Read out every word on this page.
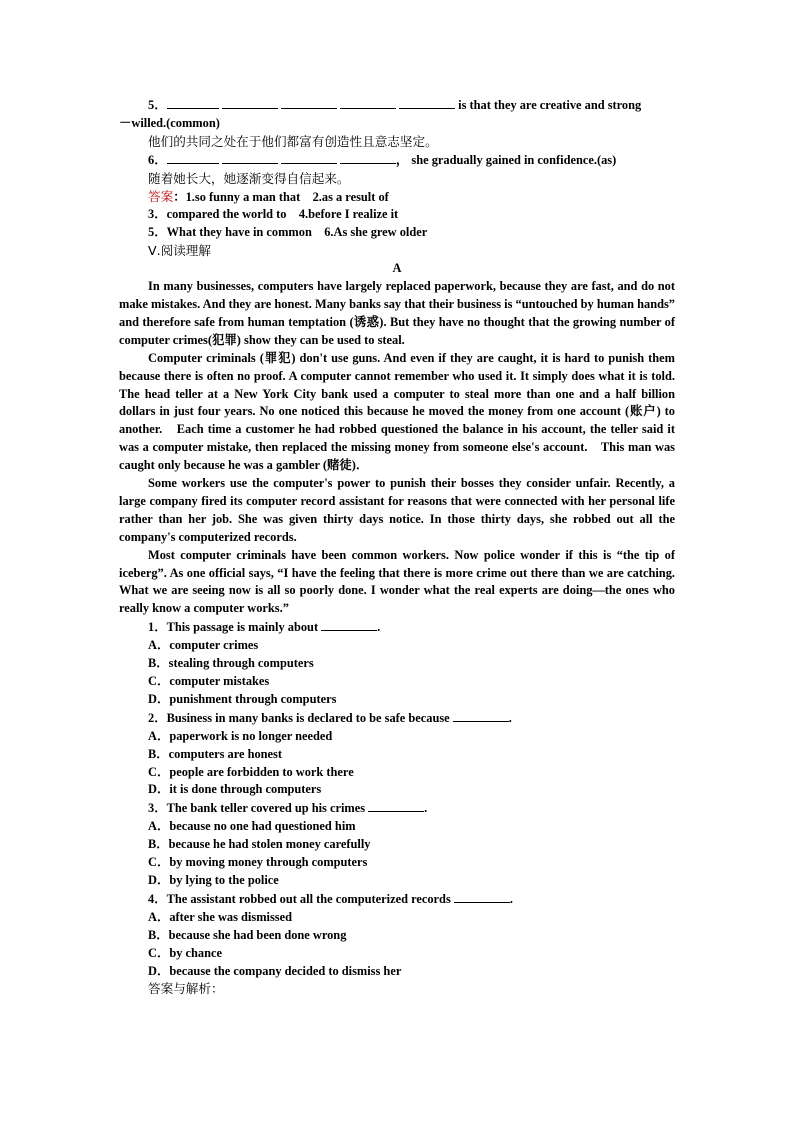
5．	is that they are creative and strong
－willed.(common)
他们的共同之处在于他们都富有创造性且意志坚定。
6．	， she gradually gained in confidence.(as)
随着她长大，她逐渐变得自信起来。
答案：1.so funny a man that　2.as a result of
3．compared the world to　4.before I realize it
5．What they have in common　6.As she grew older
Ⅴ.阅读理解
A

In many businesses, computers have largely replaced paperwork, because they are fast, and do not make mistakes. And they are honest. Many banks say that their business is “untouched by human hands” and therefore safe from human temptation (诱惑). But they have no thought that the growing number of computer crimes(犯罪) show they can be used to steal.

Computer criminals (罪犯) don't use guns. And even if they are caught, it is hard to punish them because there is often no proof. A computer cannot remember who used it. It simply does what it is told. The head teller at a New York City bank used a computer to steal more than one and a half billion dollars in just four years. No one noticed this because he moved the money from one account (账户) to another.　Each time a customer he had robbed questioned the balance in his account, the teller said it was a computer mistake, then replaced the missing money from someone else's account.　This man was caught only because he was a gambler (赌徒)．

Some workers use the computer's power to punish their bosses they consider unfair. Recently, a large company fired its computer record assistant for reasons that were connected with her personal life rather than her job. She was given thirty days notice. In those thirty days, she robbed out all the company's computerized records.

Most computer criminals have been common workers. Now police wonder if this is “the tip of iceberg”. As one official says, “I have the feeling that there is more crime out there than we are catching. What we are seeing now is all so poorly done. I wonder what the real experts are doing—the ones who really know a computer works.”

1．This passage is mainly about	.
A．computer crimes
B．stealing through computers
C．computer mistakes
D．punishment through computers
2．Business in many banks is declared to be safe because	.
A．paperwork is no longer needed
B．computers are honest
C．people are forbidden to work there
D．it is done through computers
3．The bank teller covered up his crimes	.
A．because no one had questioned him
B．because he had stolen money carefully
C．by moving money through computers
D．by lying to the police
4．The assistant robbed out all the computerized records	.
A．after she was dismissed
B．because she had been done wrong
C．by chance
D．because the company decided to dismiss her
答案与解析：
